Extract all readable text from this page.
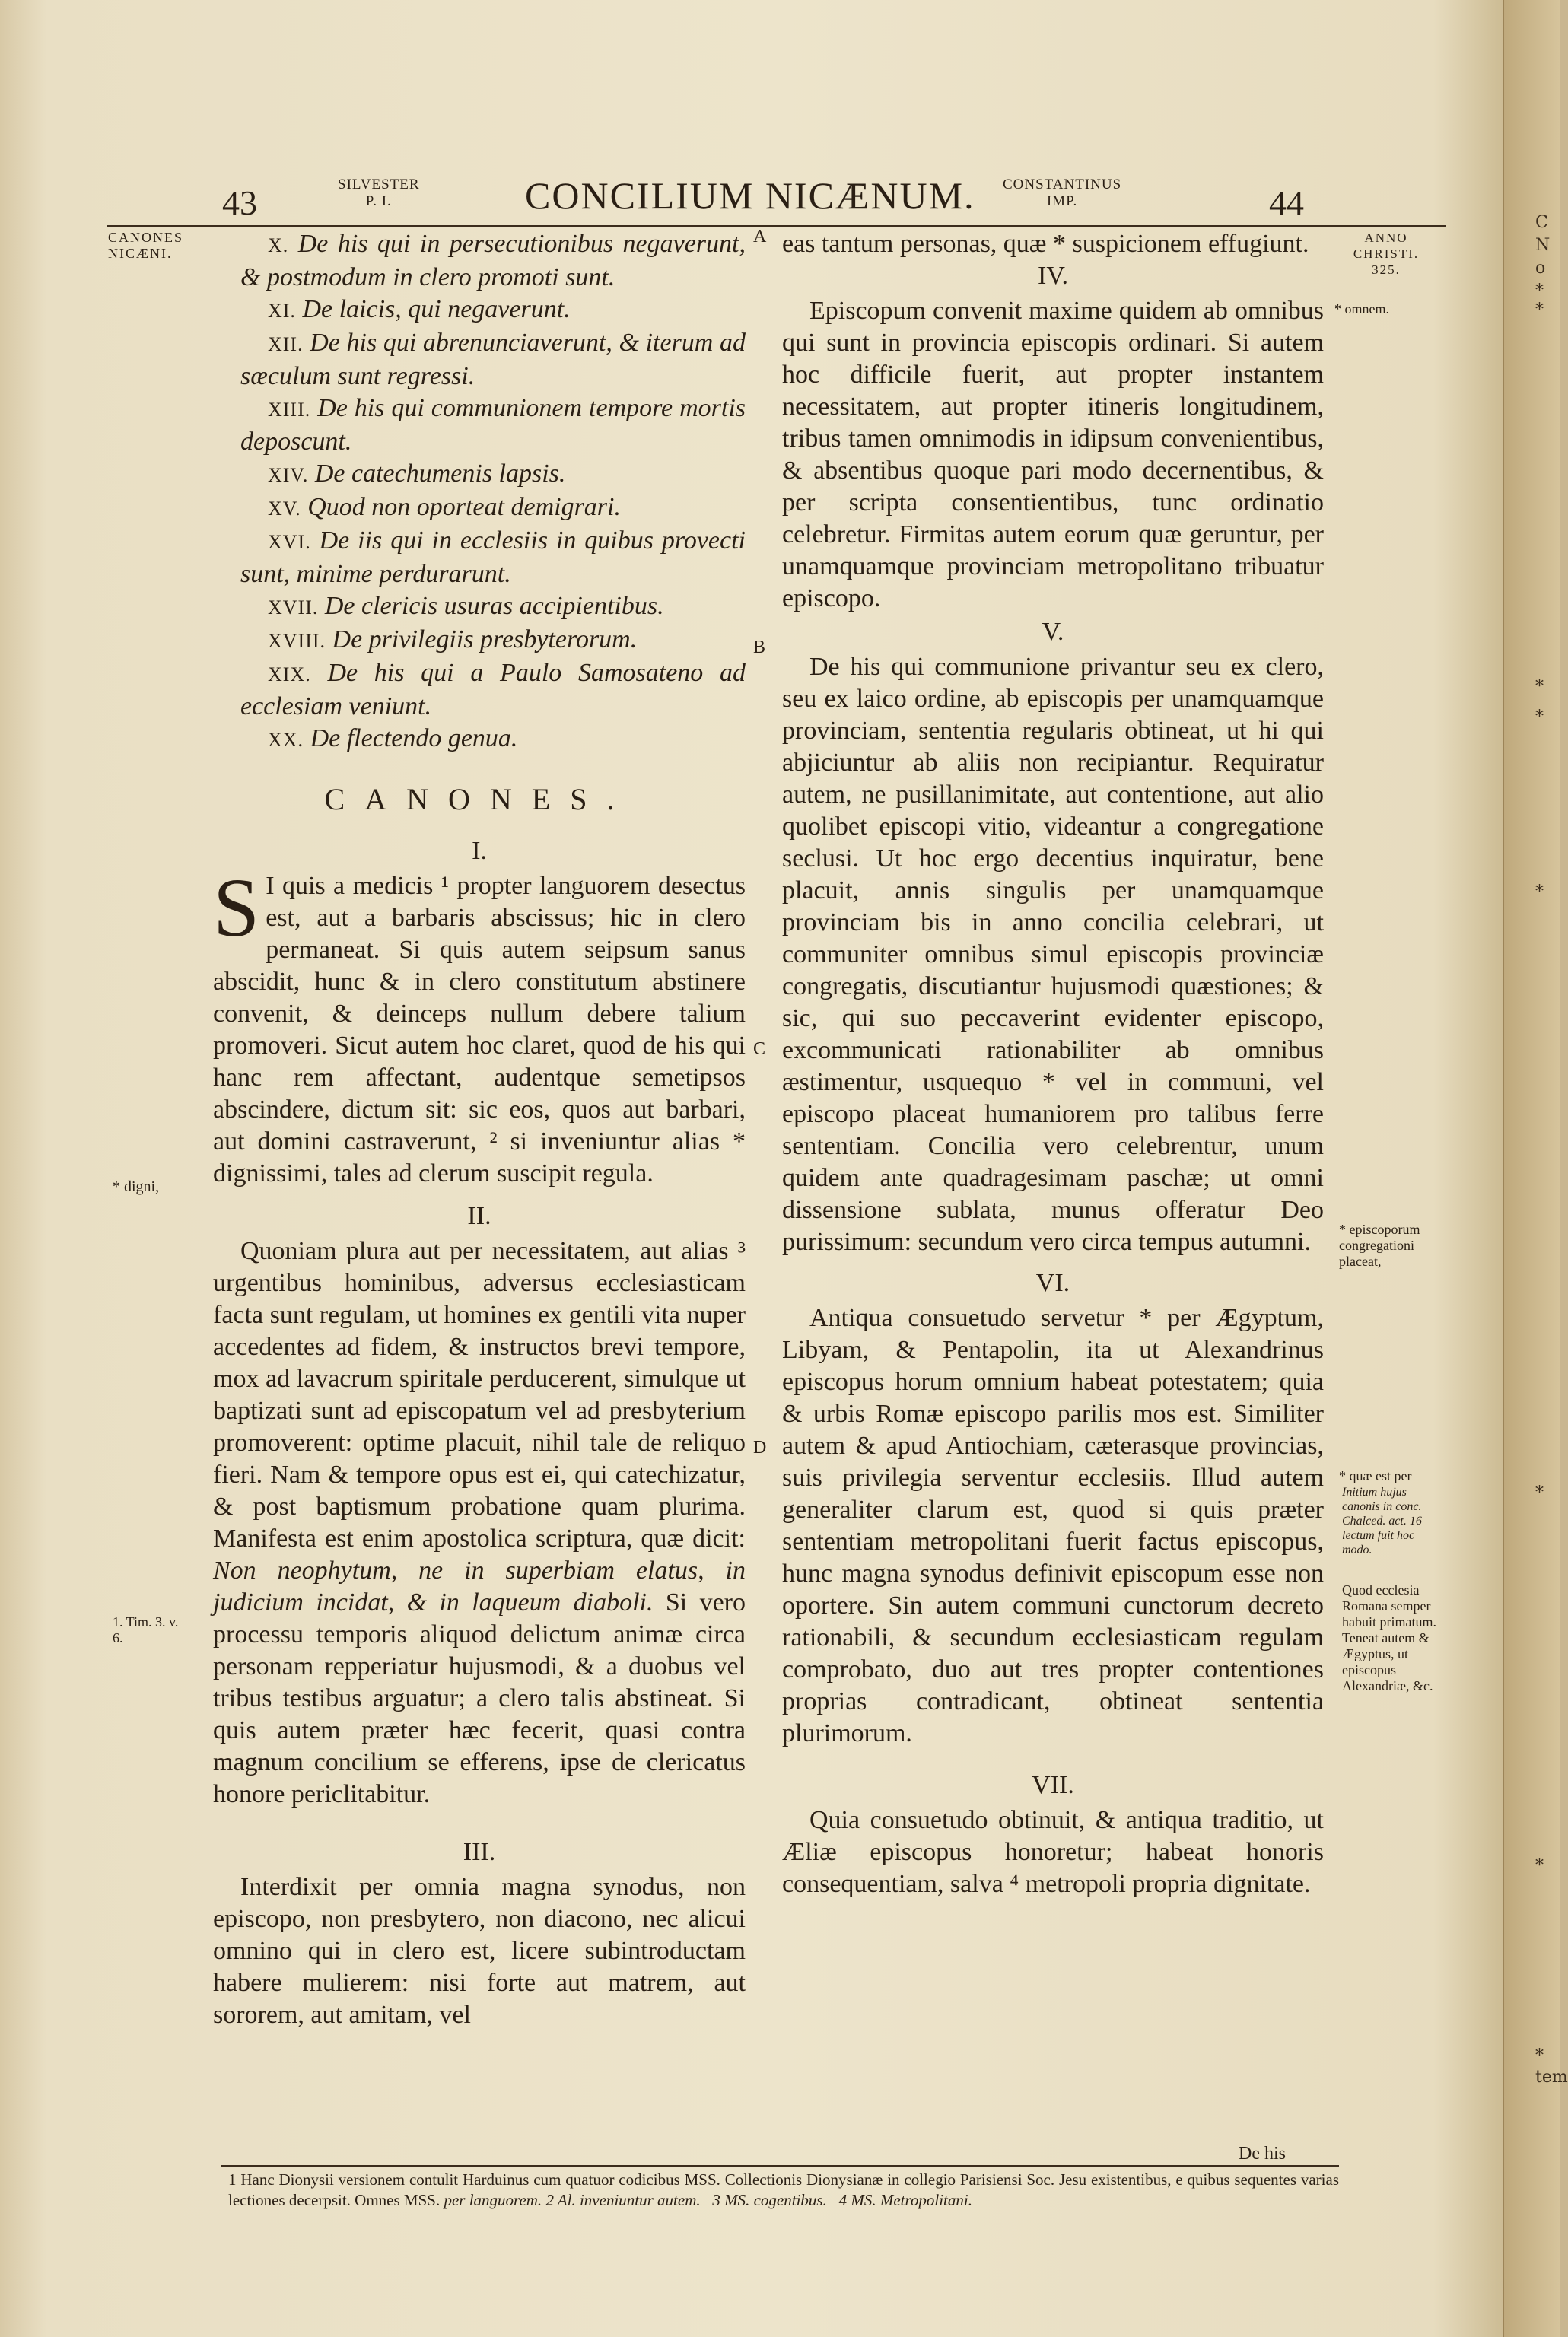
C
N
o
*
*
*
*
*
*
*
*
tem
43	SILVESTER
P. I.	CONCILIUM NICÆNUM. CONSTANTINUS
IMP.	44
CANONES
NICÆNI.
* digni,
1. Tim. 3. v. 6.
ANNO
CHRISTI.
325.
* omnem.
* episcoporum congregationi placeat,
* quæ est per
Initium hujus canonis in conc. Chalced. act. 16 lectum fuit hoc modo.
Quod ecclesia Romana semper habuit primatum. Teneat autem & Ægyptus, ut episcopus Alexandriæ, &c.
A
B
C
D

X. De his qui in persecutionibus negaverunt, & postmodum in clero promoti sunt.

XI. De laicis, qui negaverunt.

XII. De his qui abrenunciaverunt, & iterum ad sæculum sunt regressi.

XIII. De his qui communionem tempore mortis deposcunt.

XIV. De catechumenis lapsis.

XV. Quod non oporteat demigrari.

XVI. De iis qui in ecclesiis in quibus provecti sunt, minime perdurarunt.

XVII. De clericis usuras accipientibus.

XVIII. De privilegiis presbyterorum.

XIX. De his qui a Paulo Samosateno ad ecclesiam veniunt.

XX. De flectendo genua.

CANONES.
I.

S I quis a medicis ¹ propter languorem desectus est, aut a barbaris abscissus; hic in clero permaneat. Si quis autem seipsum sanus abscidit, hunc & in clero constitutum abstinere convenit, & deinceps nullum debere talium promoveri. Sicut autem hoc claret, quod de his qui hanc rem affectant, audentque semetipsos abscindere, dictum sit: sic eos, quos aut barbari, aut domini castraverunt, ² si inveniuntur alias * dignissimi, tales ad clerum suscipit regula.

II.

Quoniam plura aut per necessitatem, aut alias ³ urgentibus hominibus, adversus ecclesiasticam facta sunt regulam, ut homines ex gentili vita nuper accedentes ad fidem, & instructos brevi tempore, mox ad lavacrum spiritale perducerent, simulque ut baptizati sunt ad episcopatum vel ad presbyterium promoverent: optime placuit, nihil tale de reliquo fieri. Nam & tempore opus est ei, qui catechizatur, & post baptismum probatione quam plurima. Manifesta est enim apostolica scriptura, quæ dicit: Non neophytum, ne in superbiam elatus, in judicium incidat, & in laqueum diaboli. Si vero processu temporis aliquod delictum animæ circa personam repperiatur hujusmodi, & a duobus vel tribus testibus arguatur; a clero talis abstineat. Si quis autem præter hæc fecerit, quasi contra magnum concilium se efferens, ipse de clericatus honore periclitabitur.

III.

Interdixit per omnia magna synodus, non episcopo, non presbytero, non diacono, nec alicui omnino qui in clero est, licere subintroductam habere mulierem: nisi forte aut matrem, aut sororem, aut amitam, vel

eas tantum personas, quæ * suspicionem effugiunt.

IV.

Episcopum convenit maxime quidem ab omnibus qui sunt in provincia episcopis ordinari. Si autem hoc difficile fuerit, aut propter instantem necessitatem, aut propter itineris longitudinem, tribus tamen omnimodis in idipsum convenientibus, & absentibus quoque pari modo decernentibus, & per scripta consentientibus, tunc ordinatio celebretur. Firmitas autem eorum quæ geruntur, per unamquamque provinciam metropolitano tribuatur episcopo.

V.

De his qui communione privantur seu ex clero, seu ex laico ordine, ab episcopis per unamquamque provinciam, sententia regularis obtineat, ut hi qui abjiciuntur ab aliis non recipiantur. Requiratur autem, ne pusillanimitate, aut contentione, aut alio quolibet episcopi vitio, videantur a congregatione seclusi. Ut hoc ergo decentius inquiratur, bene placuit, annis singulis per unamquamque provinciam bis in anno concilia celebrari, ut communiter omnibus simul episcopis provinciæ congregatis, discutiantur hujusmodi quæstiones; & sic, qui suo peccaverint evidenter episcopo, excommunicati rationabiliter ab omnibus æstimentur, usquequo * vel in communi, vel episcopo placeat humaniorem pro talibus ferre sententiam. Concilia vero celebrentur, unum quidem ante quadragesimam paschæ; ut omni dissensione sublata, munus offeratur Deo purissimum: secundum vero circa tempus autumni.

VI.

Antiqua consuetudo servetur * per Ægyptum, Libyam, & Pentapolin, ita ut Alexandrinus episcopus horum omnium habeat potestatem; quia & urbis Romæ episcopo parilis mos est. Similiter autem & apud Antiochiam, cæterasque provincias, suis privilegia serventur ecclesiis. Illud autem generaliter clarum est, quod si quis præter sententiam metropolitani fuerit factus episcopus, hunc magna synodus definivit episcopum esse non oportere. Sin autem communi cunctorum decreto rationabili, & secundum ecclesiasticam regulam comprobato, duo aut tres propter contentiones proprias contradicant, obtineat sententia plurimorum.

VII.

Quia consuetudo obtinuit, & antiqua traditio, ut Æliæ episcopus honoretur; habeat honoris consequentiam, salva ⁴ metropoli propria dignitate.

De his
1 Hanc Dionysii versionem contulit Harduinus cum quatuor codicibus MSS. Collectionis Dionysianæ in collegio Parisiensi Soc. Jesu existentibus, e quibus sequentes varias lectiones decerpsit. Omnes MSS. per languorem. 2 Al. inveniuntur autem. 3 MS. cogentibus. 4 MS. Metropolitani.
